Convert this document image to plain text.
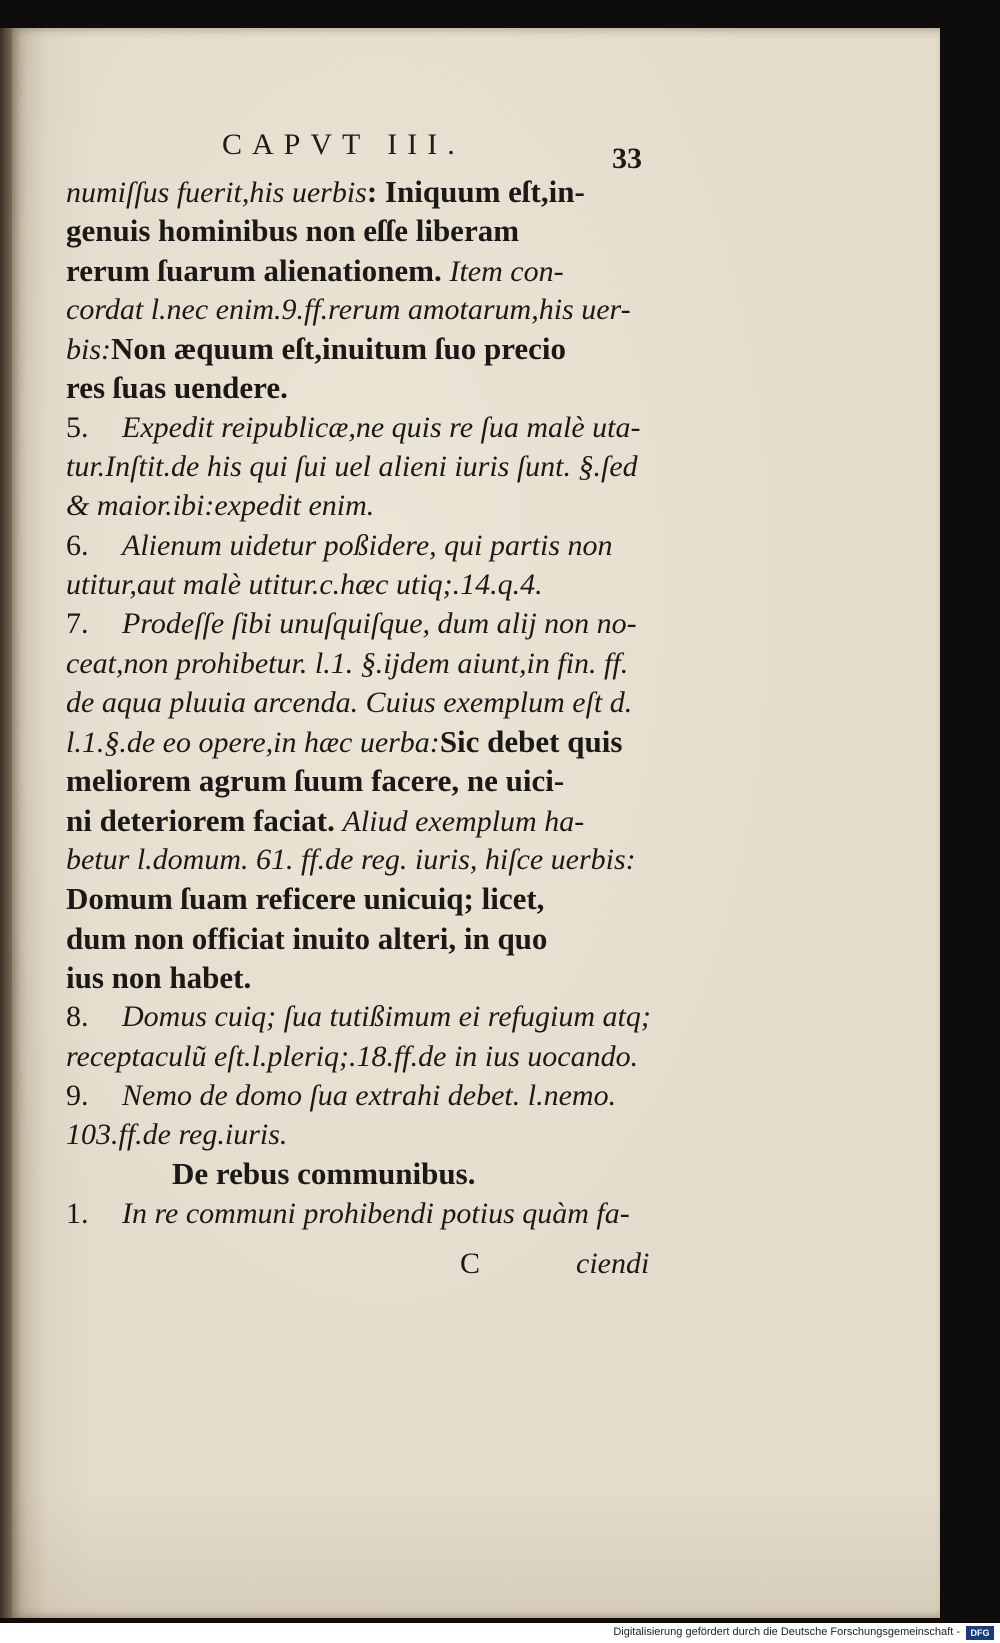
CAPVT III.	33
numiſſus fuerit,his uerbis: Iniquum eſt,in-
genuis hominibus non eſſe liberam
rerum ſuarum alienationem. Item con-
cordat l.nec enim.9.ff.rerum amotarum,his uer-
bis:Non æquum eſt,inuitum ſuo precio
res ſuas uendere.
5. Expedit reipublicæ,ne quis re ſua malè uta-
tur.Inſtit.de his qui ſui uel alieni iuris ſunt. §.ſed
& maior.ibi:expedit enim.
6. Alienum uidetur poßidere, qui partis non
utitur,aut malè utitur.c.hæc utiq;.14.q.4.
7. Prodeſſe ſibi unuſquiſque, dum alij non no-
ceat,non prohibetur. l.1. §.ijdem aiunt,in fin. ff.
de aqua pluuia arcenda. Cuius exemplum eſt d.
l.1.§.de eo opere,in hæc uerba:Sic debet quis
meliorem agrum ſuum facere, ne uici-
ni deteriorem faciat. Aliud exemplum ha-
betur l.domum. 61. ff.de reg. iuris, hiſce uerbis:
Domum ſuam reficere unicuiq; licet,
dum non officiat inuito alteri, in quo
ius non habet.
8. Domus cuiq; ſua tutißimum ei refugium atq;
receptaculũ eſt.l.pleriq;.18.ff.de in ius uocando.
9. Nemo de domo ſua extrahi debet. l.nemo.
103.ff.de reg.iuris.
De rebus communibus.
1. In re communi prohibendi potius quàm fa-
C	ciendi
Digitalisierung gefördert durch die Deutsche Forschungsgemeinschaft -	DFG
